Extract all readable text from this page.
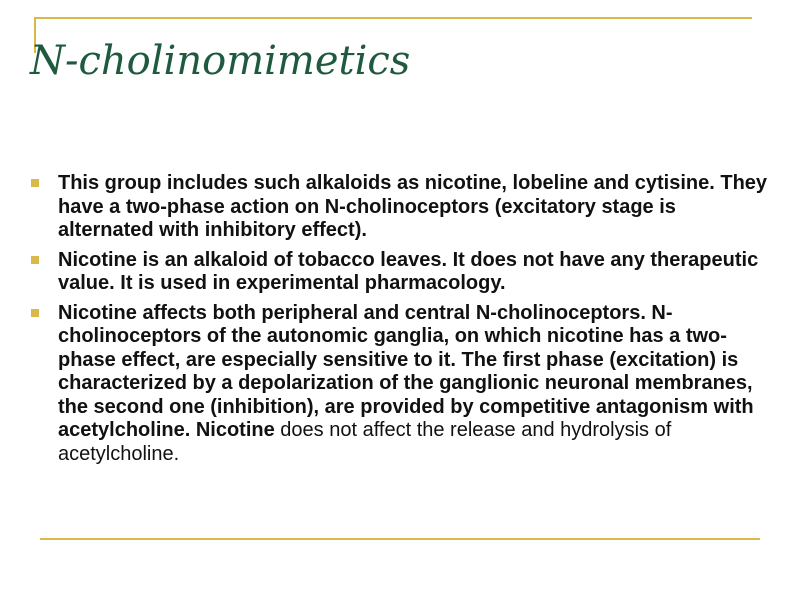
N-cholinomimetics
This group includes such alkaloids as nicotine, lobeline and cytisine. They have a two-phase action on N-cholinoceptors (excitatory stage is alternated with inhibitory effect).
Nicotine is an alkaloid of tobacco leaves. It does not have any therapeutic value. It is used in experimental pharmacology.
Nicotine affects both peripheral and central N-cholinoceptors. N-cholinoceptors of the autonomic ganglia, on which nicotine has a two-phase effect, are especially sensitive to it. The first phase (excitation) is characterized by a depolarization of the ganglionic neuronal membranes, the second one (inhibition), are provided by competitive antagonism with acetylcholine. Nicotine does not affect the release and hydrolysis of acetylcholine.
